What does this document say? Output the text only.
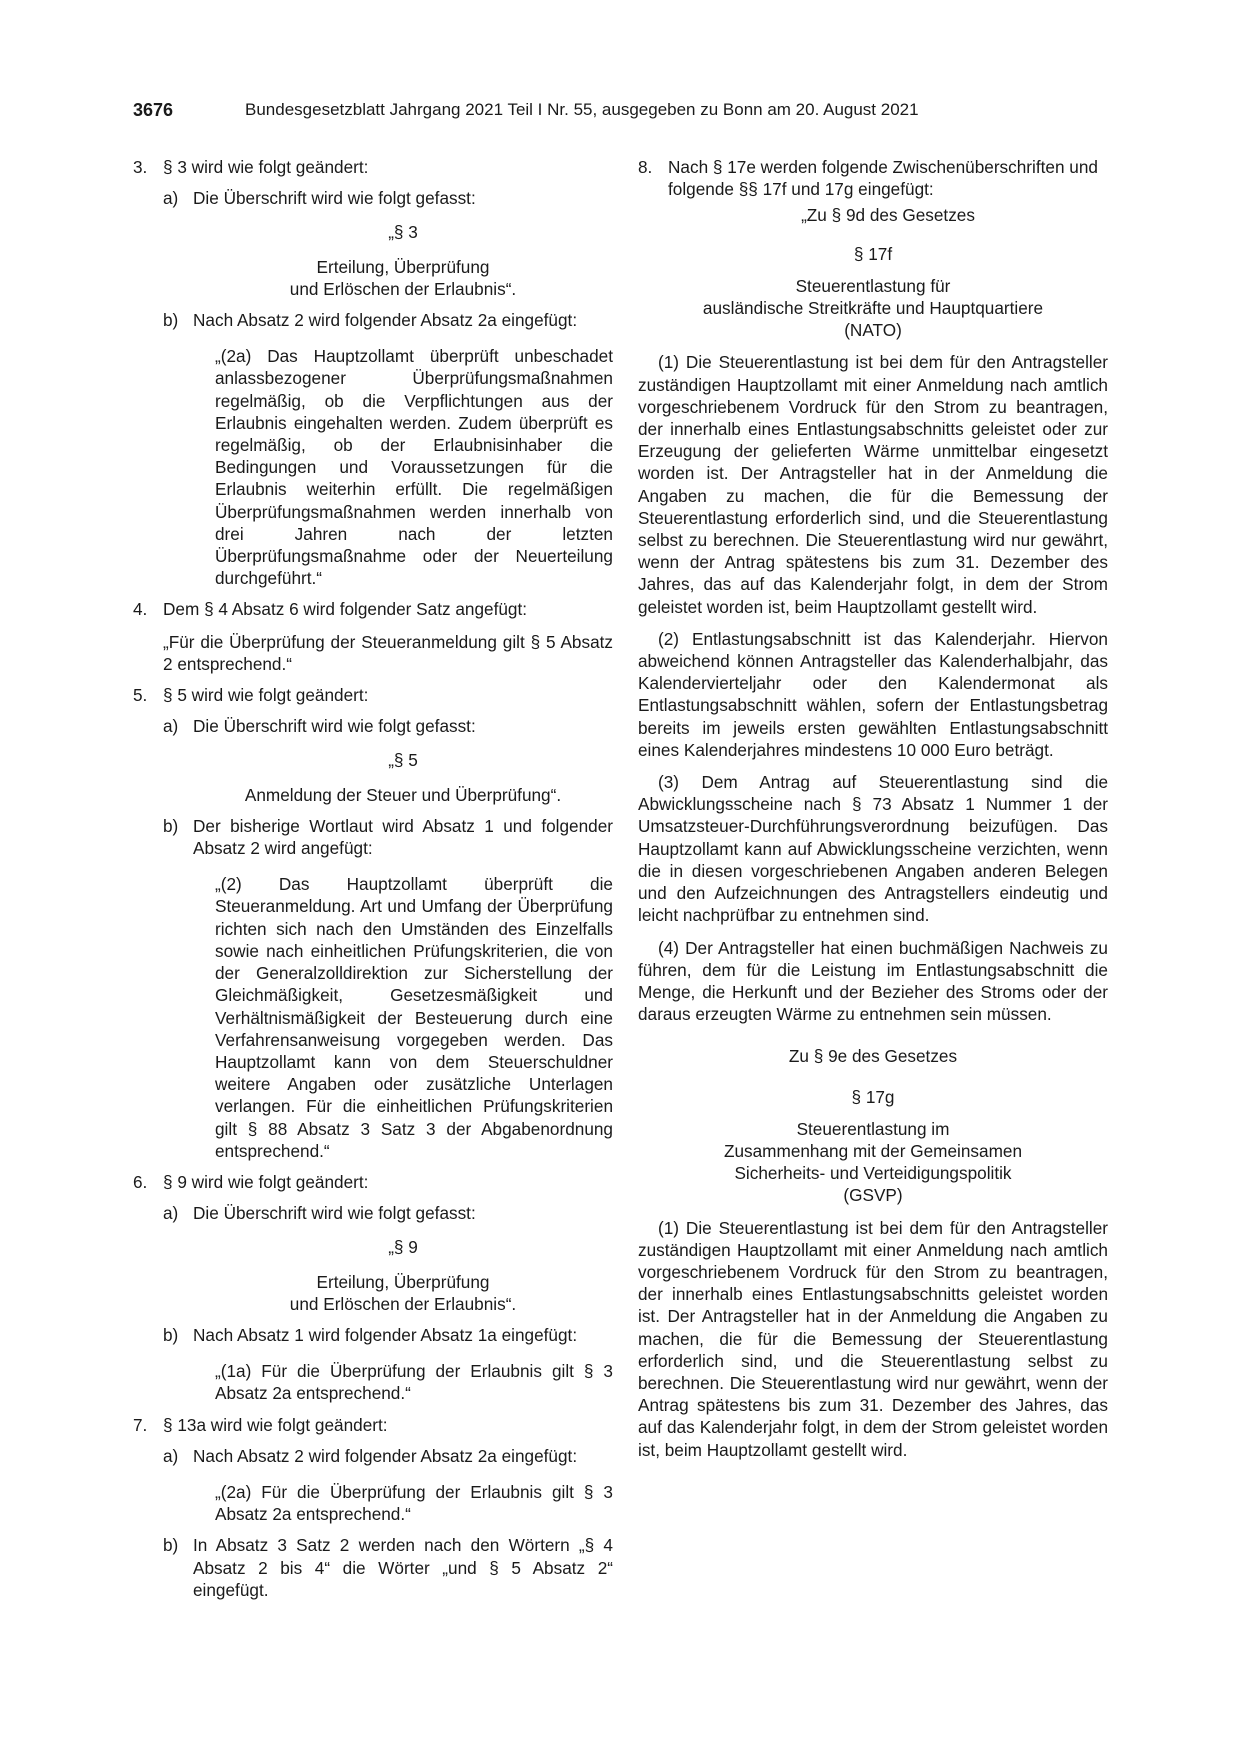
3676	Bundesgesetzblatt Jahrgang 2021 Teil I Nr. 55, ausgegeben zu Bonn am 20. August 2021
3. § 3 wird wie folgt geändert:
a) Die Überschrift wird wie folgt gefasst:
„§ 3
Erteilung, Überprüfung
und Erlöschen der Erlaubnis“.
b) Nach Absatz 2 wird folgender Absatz 2a eingefügt:
„(2a) Das Hauptzollamt überprüft unbeschadet anlassbezogener Überprüfungsmaßnahmen regelmäßig, ob die Verpflichtungen aus der Erlaubnis eingehalten werden. Zudem überprüft es regelmäßig, ob der Erlaubnisinhaber die Bedingungen und Voraussetzungen für die Erlaubnis weiterhin erfüllt. Die regelmäßigen Überprüfungsmaßnahmen werden innerhalb von drei Jahren nach der letzten Überprüfungsmaßnahme oder der Neuerteilung durchgeführt.“
4. Dem § 4 Absatz 6 wird folgender Satz angefügt:
„Für die Überprüfung der Steueranmeldung gilt § 5 Absatz 2 entsprechend.“
5. § 5 wird wie folgt geändert:
a) Die Überschrift wird wie folgt gefasst:
„§ 5
Anmeldung der Steuer und Überprüfung“.
b) Der bisherige Wortlaut wird Absatz 1 und folgender Absatz 2 wird angefügt:
„(2) Das Hauptzollamt überprüft die Steueranmeldung. Art und Umfang der Überprüfung richten sich nach den Umständen des Einzelfalls sowie nach einheitlichen Prüfungskriterien, die von der Generalzolldirektion zur Sicherstellung der Gleichmäßigkeit, Gesetzesmäßigkeit und Verhältnismäßigkeit der Besteuerung durch eine Verfahrensanweisung vorgegeben werden. Das Hauptzollamt kann von dem Steuerschuldner weitere Angaben oder zusätzliche Unterlagen verlangen. Für die einheitlichen Prüfungskriterien gilt § 88 Absatz 3 Satz 3 der Abgabenordnung entsprechend.“
6. § 9 wird wie folgt geändert:
a) Die Überschrift wird wie folgt gefasst:
„§ 9
Erteilung, Überprüfung
und Erlöschen der Erlaubnis“.
b) Nach Absatz 1 wird folgender Absatz 1a eingefügt:
„(1a) Für die Überprüfung der Erlaubnis gilt § 3 Absatz 2a entsprechend.“
7. § 13a wird wie folgt geändert:
a) Nach Absatz 2 wird folgender Absatz 2a eingefügt:
„(2a) Für die Überprüfung der Erlaubnis gilt § 3 Absatz 2a entsprechend.“
b) In Absatz 3 Satz 2 werden nach den Wörtern „§ 4 Absatz 2 bis 4“ die Wörter „und § 5 Absatz 2“ eingefügt.
8. Nach § 17e werden folgende Zwischenüberschriften und folgende §§ 17f und 17g eingefügt:
„Zu § 9d des Gesetzes
§ 17f
Steuerentlastung für
ausländische Streitkräfte und Hauptquartiere
(NATO)

(1) Die Steuerentlastung ist bei dem für den Antragsteller zuständigen Hauptzollamt mit einer Anmeldung nach amtlich vorgeschriebenem Vordruck für den Strom zu beantragen, der innerhalb eines Entlastungsabschnitts geleistet oder zur Erzeugung der gelieferten Wärme unmittelbar eingesetzt worden ist. Der Antragsteller hat in der Anmeldung die Angaben zu machen, die für die Bemessung der Steuerentlastung erforderlich sind, und die Steuerentlastung selbst zu berechnen. Die Steuerentlastung wird nur gewährt, wenn der Antrag spätestens bis zum 31. Dezember des Jahres, das auf das Kalenderjahr folgt, in dem der Strom geleistet worden ist, beim Hauptzollamt gestellt wird.

(2) Entlastungsabschnitt ist das Kalenderjahr. Hiervon abweichend können Antragsteller das Kalenderhalbjahr, das Kalendervierteljahr oder den Kalendermonat als Entlastungsabschnitt wählen, sofern der Entlastungsbetrag bereits im jeweils ersten gewählten Entlastungsabschnitt eines Kalenderjahres mindestens 10 000 Euro beträgt.

(3) Dem Antrag auf Steuerentlastung sind die Abwicklungsscheine nach § 73 Absatz 1 Nummer 1 der Umsatzsteuer-Durchführungsverordnung beizufügen. Das Hauptzollamt kann auf Abwicklungsscheine verzichten, wenn die in diesen vorgeschriebenen Angaben anderen Belegen und den Aufzeichnungen des Antragstellers eindeutig und leicht nachprüfbar zu entnehmen sind.

(4) Der Antragsteller hat einen buchmäßigen Nachweis zu führen, dem für die Leistung im Entlastungsabschnitt die Menge, die Herkunft und der Bezieher des Stroms oder der daraus erzeugten Wärme zu entnehmen sein müssen.

Zu § 9e des Gesetzes
§ 17g
Steuerentlastung im
Zusammenhang mit der Gemeinsamen
Sicherheits- und Verteidigungspolitik
(GSVP)

(1) Die Steuerentlastung ist bei dem für den Antragsteller zuständigen Hauptzollamt mit einer Anmeldung nach amtlich vorgeschriebenem Vordruck für den Strom zu beantragen, der innerhalb eines Entlastungsabschnitts geleistet worden ist. Der Antragsteller hat in der Anmeldung die Angaben zu machen, die für die Bemessung der Steuerentlastung erforderlich sind, und die Steuerentlastung selbst zu berechnen. Die Steuerentlastung wird nur gewährt, wenn der Antrag spätestens bis zum 31. Dezember des Jahres, das auf das Kalenderjahr folgt, in dem der Strom geleistet worden ist, beim Hauptzollamt gestellt wird.
